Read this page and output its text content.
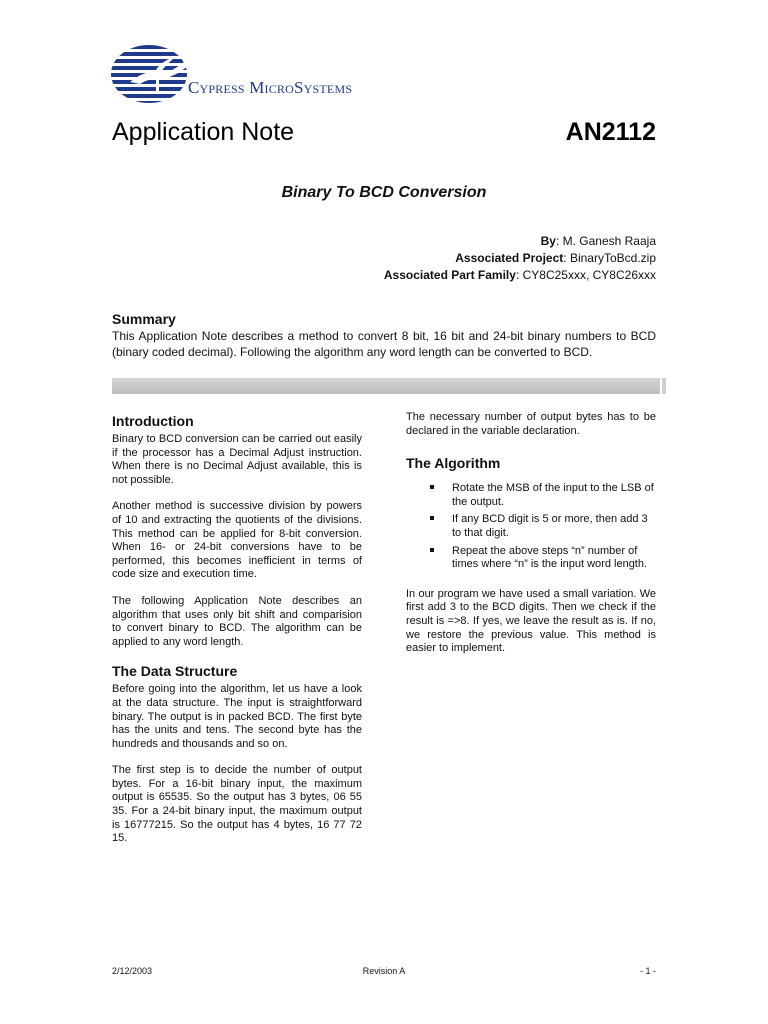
Cypress MicroSystems
Application Note	AN2112
Binary To BCD Conversion
By: M. Ganesh Raaja
Associated Project: BinaryToBcd.zip
Associated Part Family: CY8C25xxx, CY8C26xxx
Summary
This Application Note describes a method to convert 8 bit, 16 bit and 24-bit binary numbers to BCD (binary coded decimal). Following the algorithm any word length can be converted to BCD.
Introduction

Binary to BCD conversion can be carried out easily if the processor has a Decimal Adjust instruction. When there is no Decimal Adjust available, this is not possible.

Another method is successive division by powers of 10 and extracting the quotients of the divisions. This method can be applied for 8-bit conversion. When 16- or 24-bit conversions have to be performed, this becomes inefficient in terms of code size and execution time.

The following Application Note describes an algorithm that uses only bit shift and comparision to convert binary to BCD. The algorithm can be applied to any word length.

The Data Structure

Before going into the algorithm, let us have a look at the data structure. The input is straightforward binary. The output is in packed BCD. The first byte has the units and tens. The second byte has the hundreds and thousands and so on.

The first step is to decide the number of output bytes. For a 16-bit binary input, the maximum output is 65535. So the output has 3 bytes, 06 55 35. For a 24-bit binary input, the maximum output is 16777215. So the output has 4 bytes, 16 77 72 15.

The necessary number of output bytes has to be declared in the variable declaration.

The Algorithm
Rotate the MSB of the input to the LSB of the output.
If any BCD digit is 5 or more, then add 3 to that digit.
Repeat the above steps “n” number of times where “n” is the input word length.

In our program we have used a small variation. We first add 3 to the BCD digits. Then we check if the result is =>8. If yes, we leave the result as is. If no, we restore the previous value. This method is easier to implement.

2/12/2003	Revision A	- 1 -
